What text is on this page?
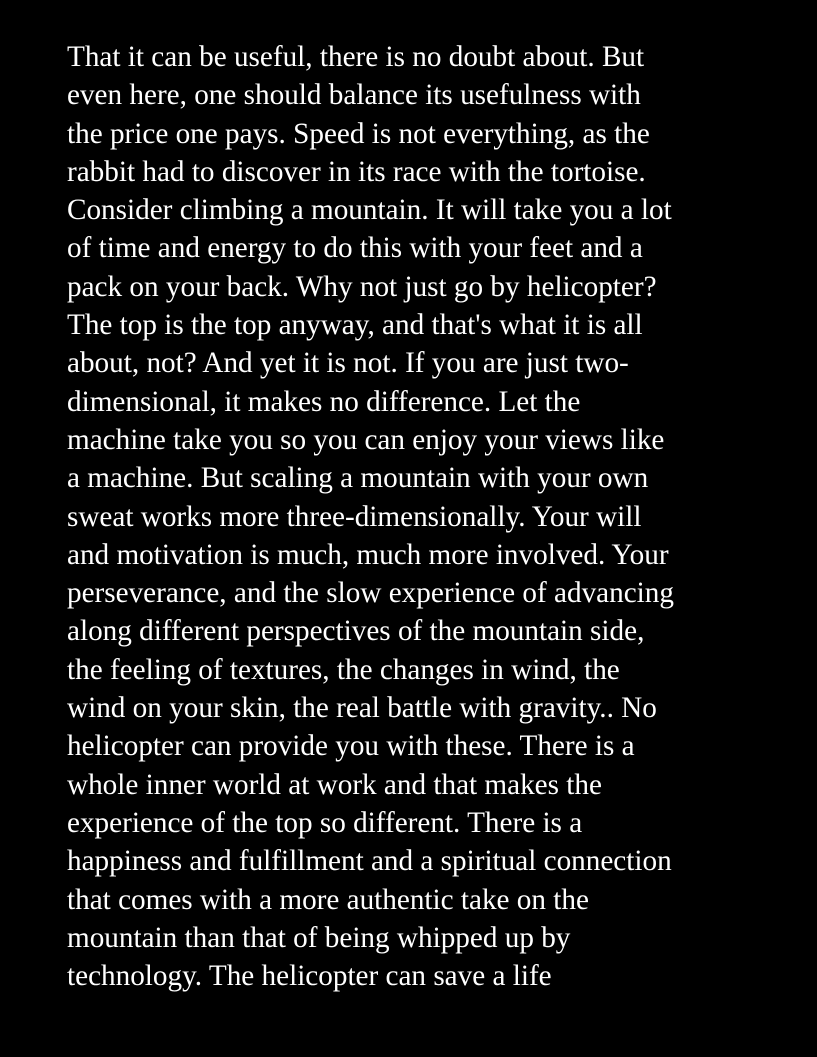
That it can be useful, there is no doubt about. But
even here, one should balance its usefulness with
the price one pays. Speed is not everything, as the
rabbit had to discover in its race with the tortoise.
Consider climbing a mountain. It will take you a lot
of time and energy to do this with your feet and a
pack on your back. Why not just go by helicopter?
The top is the top anyway, and that's what it is all
about, not? And yet it is not. If you are just two-
dimensional, it makes no difference. Let the
machine take you so you can enjoy your views like
a machine. But scaling a mountain with your own
sweat works more three-dimensionally. Your will
and motivation is much, much more involved. Your
perseverance, and the slow experience of advancing
along different perspectives of the mountain side,
the feeling of textures, the changes in wind, the
wind on your skin, the real battle with gravity.. No
helicopter can provide you with these. There is a
whole inner world at work and that makes the
experience of the top so different. There is a
happiness and fulfillment and a spiritual connection
that comes with a more authentic take on the
mountain than that of being whipped up by
technology. The helicopter can save a life
